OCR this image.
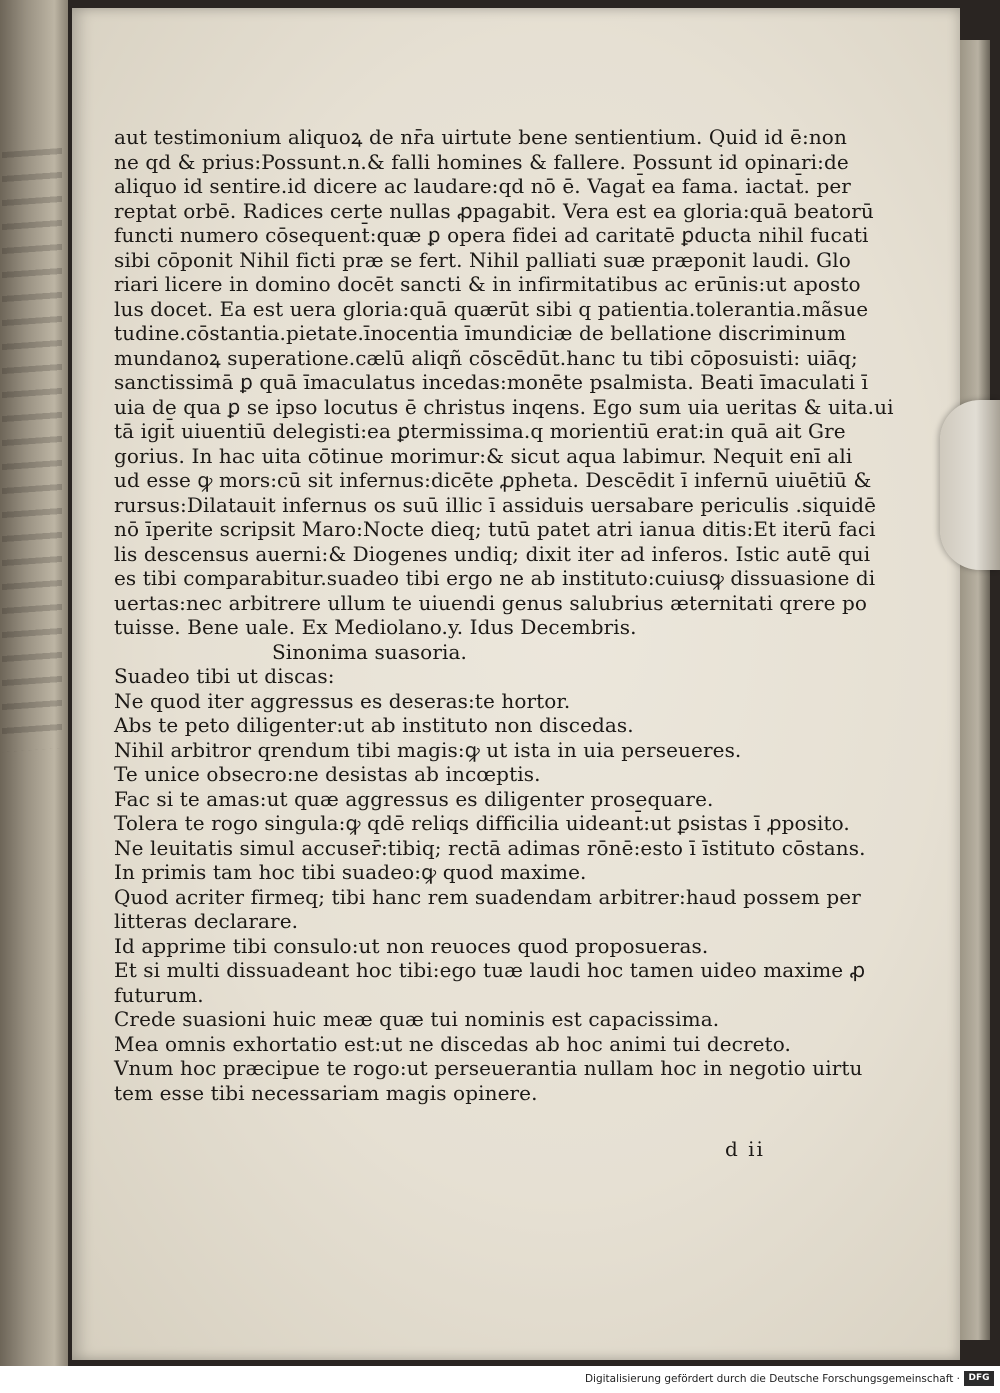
aut testimonium aliquoꝝ de nr̄a uirtute bene sentientium. Quid id ē:non
ne qd & prius:Possunt.n.& falli homines & fallere. Possunt id opinari:de
aliquo id sentire.id dicere ac laudare:qd nō ē. Vagat̄ ea fama. iactat̄. per
reptat orbē. Radices certe nullas ꝓpagabit. Vera est ea gloria:quā beatorū
functi numero cōsequent̄:quæ ꝑ opera fidei ad caritatē ꝑducta nihil fucati
sibi cōponit Nihil ficti præ se fert. Nihil palliati suæ præponit laudi. Glo
riari licere in domino docēt sancti & in infirmitatibus ac erūnis:ut aposto
lus docet. Ea est uera gloria:quā quærūt sibi q patientia.tolerantia.mãsue
tudine.cōstantia.pietate.īnocentia īmundiciæ de bellatione discriminum
mundanoꝝ superatione.cælū aliqñ cōscēdūt.hanc tu tibi cōposuisti: uiāq;
sanctissimā ꝑ quā īmaculatus incedas:monēte psalmista. Beati īmaculati ī
uia de qua ꝑ se ipso locutus ē christus inqens. Ego sum uia ueritas & uita.ui
tā igit̄ uiuentiū delegisti:ea ꝑtermissima.q morientiū erat:in quā ait Gre
gorius. In hac uita cōtinue morimur:& sicut aqua labimur. Nequit enī ali
ud esse ꝙ mors:cū sit infernus:dicēte ꝓpheta. Descēdit ī infernū uiuētiū &
rursus:Dilatauit infernus os suū illic ī assiduis uersabare periculis .siquidē
nō īperite scripsit Maro:Nocte dieq; tutū patet atri ianua ditis:Et iterū faci
lis descensus auerni:& Diogenes undiq; dixit iter ad inferos. Istic autē qui
es tibi comparabitur.suadeo tibi ergo ne ab instituto:cuiusꝙ dissuasione di
uertas:nec arbitrere ullum te uiuendi genus salubrius æternitati qrere po
tuisse. Bene uale. Ex Mediolano.y. Idus Decembris.
Sinonima suasoria.
Suadeo tibi ut discas:
Ne quod iter aggressus es deseras:te hortor.
Abs te peto diligenter:ut ab instituto non discedas.
Nihil arbitror qrendum tibi magis:ꝙ ut ista in uia perseueres.
Te unice obsecro:ne desistas ab incœptis.
Fac si te amas:ut quæ aggressus es diligenter prosequare.
Tolera te rogo singula:ꝙ qdē reliqs difficilia uideant̄:ut ꝑsistas ī ꝓposito.
Ne leuitatis simul accuser̄:tibiq; rectā adimas rōnē:esto ī īstituto cōstans.
In primis tam hoc tibi suadeo:ꝙ quod maxime.
Quod acriter firmeq; tibi hanc rem suadendam arbitrer:haud possem per
litteras declarare.
Id apprime tibi consulo:ut non reuoces quod proposueras.
Et si multi dissuadeant hoc tibi:ego tuæ laudi hoc tamen uideo maxime ꝓ
futurum.
Crede suasioni huic meæ quæ tui nominis est capacissima.
Mea omnis exhortatio est:ut ne discedas ab hoc animi tui decreto.
Vnum hoc præcipue te rogo:ut perseuerantia nullam hoc in negotio uirtu
tem esse tibi necessariam magis opinere.
d ii
Digitalisierung gefördert durch die Deutsche Forschungsgemeinschaft · DFG
